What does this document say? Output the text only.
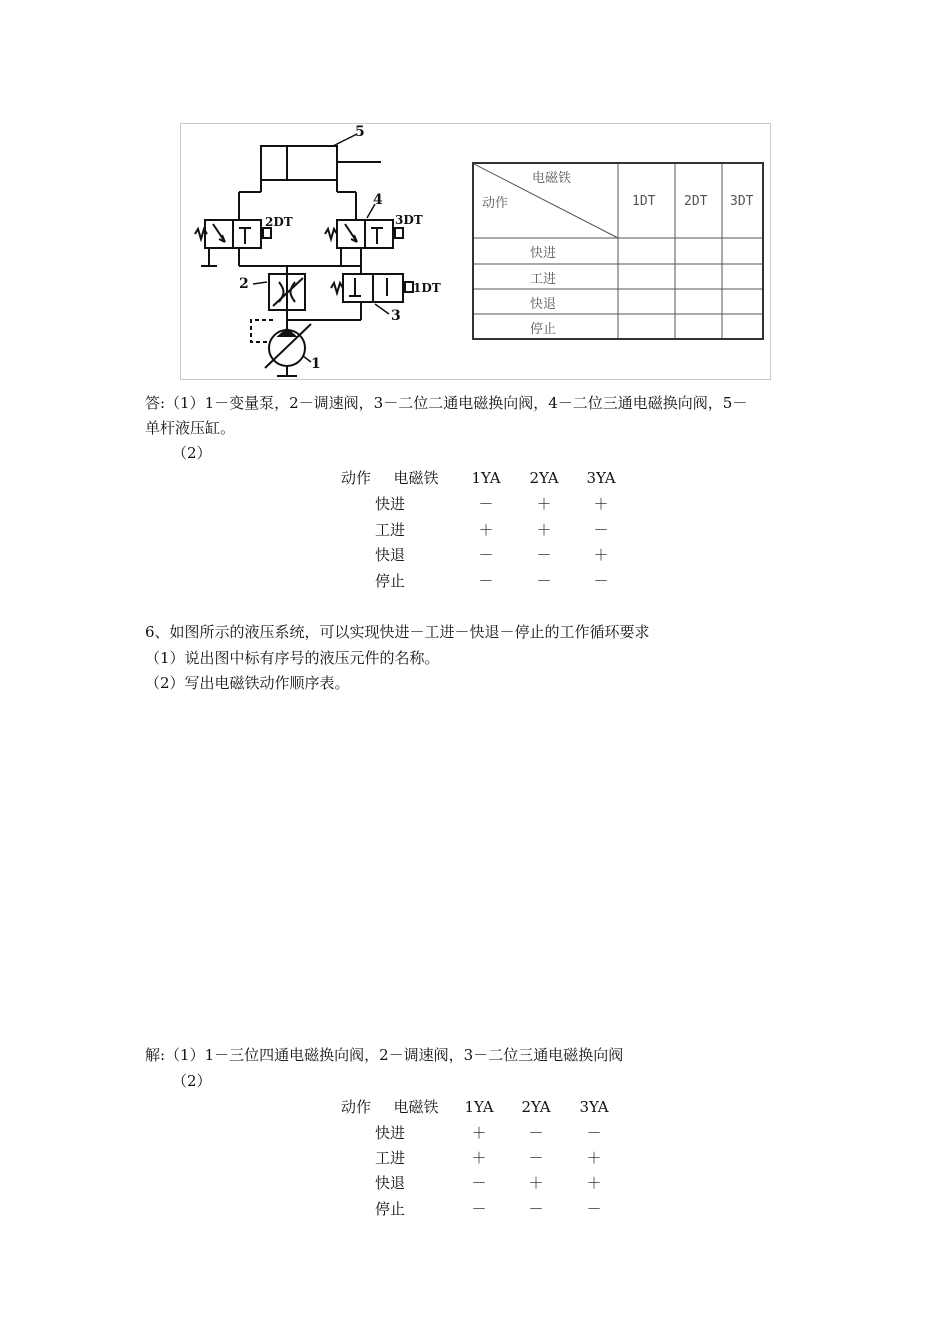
5
4
2
3
1
2DT	3DT
1DT
电磁铁
动作	1DT 2DT 3DT
快进
工进
快退
停止
答:（1）1－变量泵，2－调速阀，3－二位二通电磁换向阀，4－二位三通电磁换向阀，5－
单杆液压缸。
（2）
动作	电磁铁	1YA	2YA	3YA
快进	－	＋	＋
工进	＋	＋	－
快退	－	－	＋
停止	－	－	－
6、如图所示的液压系统，可以实现快进－工进－快退－停止的工作循环要求
（1）说出图中标有序号的液压元件的名称。
（2）写出电磁铁动作顺序表。
解:（1）1－三位四通电磁换向阀，2－调速阀，3－二位三通电磁换向阀
（2）
动作	电磁铁	1YA	2YA	3YA
快进	＋	－	－
工进	＋	－	＋
快退	－	＋	＋
停止	－	－	－
